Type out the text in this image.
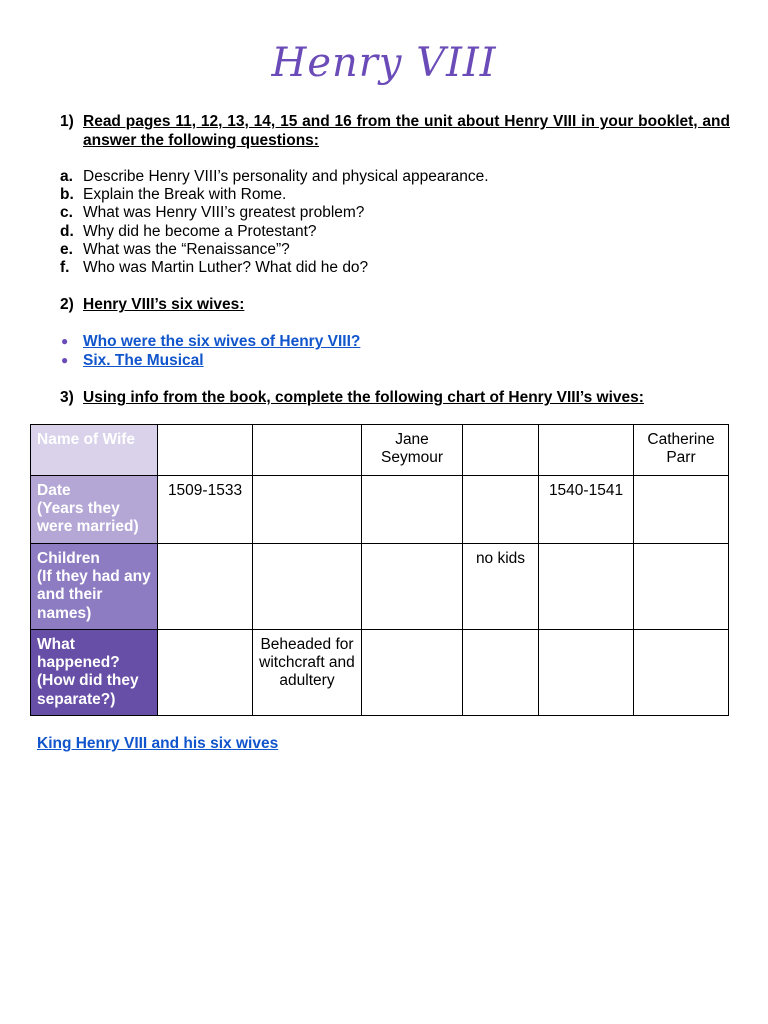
Henry VIII
1) Read pages 11, 12, 13, 14, 15 and 16 from the unit about Henry VIII in your booklet, and answer the following questions:
a. Describe Henry VIII’s personality and physical appearance.
b. Explain the Break with Rome.
c. What was Henry VIII’s greatest problem?
d. Why did he become a Protestant?
e. What was the “Renaissance”?
f. Who was Martin Luther? What did he do?
2) Henry VIII’s six wives:
● Who were the six wives of Henry VIII?
● Six. The Musical
3) Using info from the book, complete the following chart of Henry VIII’s wives:
Name of Wife			Jane Seymour			Catherine Parr
Date
(Years they were married)	1509-1533				1540-1541	
Children
(If they had any and their names)				no kids		
What happened?
(How did they separate?)		Beheaded for witchcraft and adultery				
King Henry VIII and his six wives
